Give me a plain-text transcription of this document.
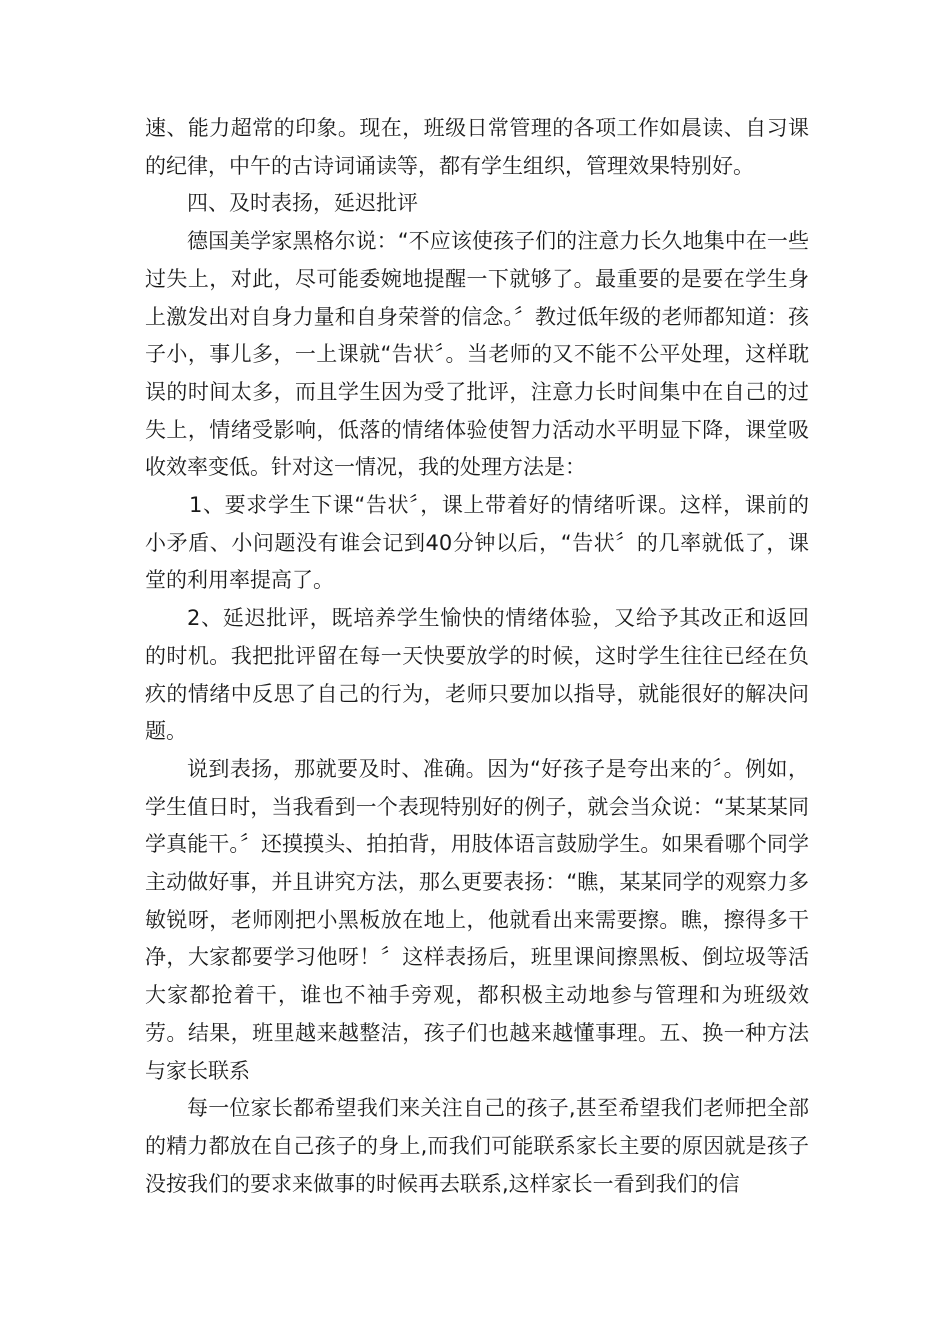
速、能力超常的印象。现在，班级日常管理的各项工作如晨读、自习课的纪律，中午的古诗词诵读等，都有学生组织，管理效果特别好。

四、及时表扬，延迟批评

德国美学家黑格尔说：“不应该使孩子们的注意力长久地集中在一些过失上，对此，尽可能委婉地提醒一下就够了。最重要的是要在学生身上激发出对自身力量和自身荣誉的信念。〞教过低年级的老师都知道：孩子小，事儿多，一上课就“告状〞。当老师的又不能不公平处理，这样耽误的时间太多，而且学生因为受了批评，注意力长时间集中在自己的过失上，情绪受影响，低落的情绪体验使智力活动水平明显下降，课堂吸收效率变低。针对这一情况，我的处理方法是：

1、要求学生下课“告状〞，课上带着好的情绪听课。这样，课前的小矛盾、小问题没有谁会记到40分钟以后，“告状〞的几率就低了，课堂的利用率提高了。

2、延迟批评，既培养学生愉快的情绪体验，又给予其改正和返回的时机。我把批评留在每一天快要放学的时候，这时学生往往已经在负疚的情绪中反思了自己的行为，老师只要加以指导，就能很好的解决问题。

说到表扬，那就要及时、准确。因为“好孩子是夸出来的〞。例如，学生值日时，当我看到一个表现特别好的例子，就会当众说：“某某某同学真能干。〞还摸摸头、拍拍背，用肢体语言鼓励学生。如果看哪个同学主动做好事，并且讲究方法，那么更要表扬：“瞧，某某同学的观察力多敏锐呀，老师刚把小黑板放在地上，他就看出来需要擦。瞧，擦得多干净，大家都要学习他呀！〞这样表扬后，班里课间擦黑板、倒垃圾等活大家都抢着干，谁也不袖手旁观，都积极主动地参与管理和为班级效劳。结果，班里越来越整洁，孩子们也越来越懂事理。五、换一种方法与家长联系

每一位家长都希望我们来关注自己的孩子,甚至希望我们老师把全部的精力都放在自己孩子的身上,而我们可能联系家长主要的原因就是孩子没按我们的要求来做事的时候再去联系,这样家长一看到我们的信
